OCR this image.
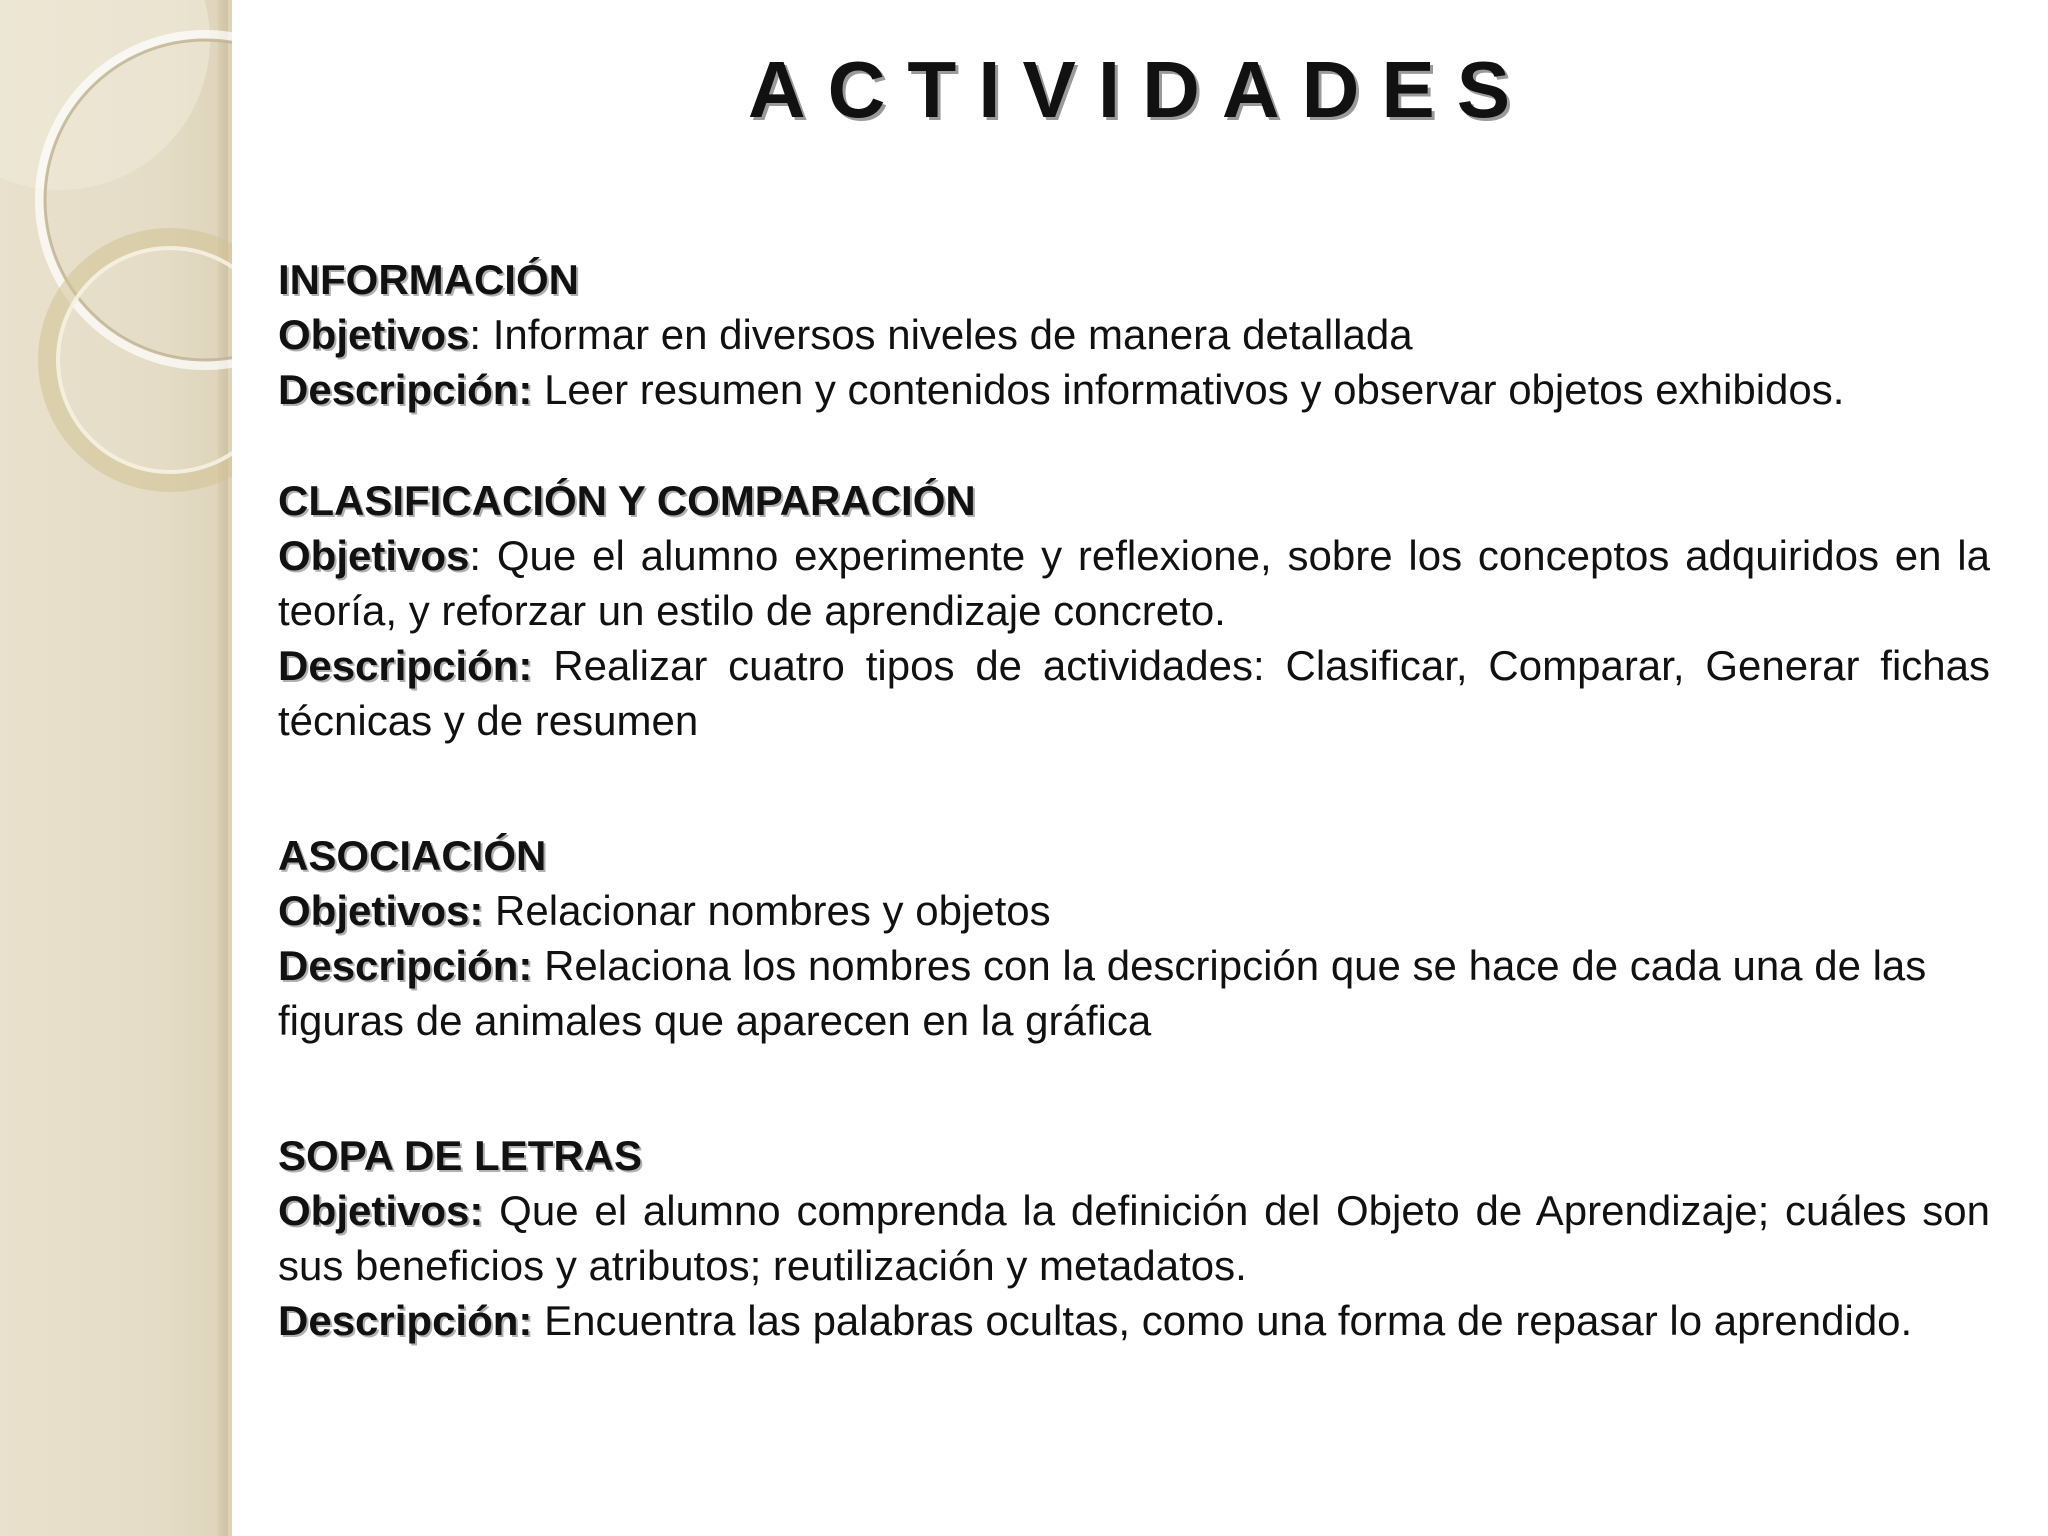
ACTIVIDADES

INFORMACIÓN

Objetivos: Informar en diversos niveles de manera detallada

Descripción: Leer resumen y contenidos informativos y observar objetos exhibidos.

CLASIFICACIÓN Y COMPARACIÓN

Objetivos: Que el alumno experimente y reflexione, sobre los conceptos adquiridos en la teoría, y reforzar un estilo de aprendizaje concreto.

Descripción: Realizar cuatro tipos de actividades: Clasificar, Comparar, Generar fichas técnicas y de resumen

ASOCIACIÓN

Objetivos: Relacionar nombres y objetos

Descripción: Relaciona los nombres con la descripción que se hace de cada una de las figuras de animales que aparecen en la gráfica

SOPA DE LETRAS

Objetivos: Que el alumno comprenda la definición del Objeto de Aprendizaje; cuáles son sus beneficios y atributos; reutilización y metadatos.

Descripción: Encuentra las palabras ocultas, como una forma de repasar lo aprendido.
